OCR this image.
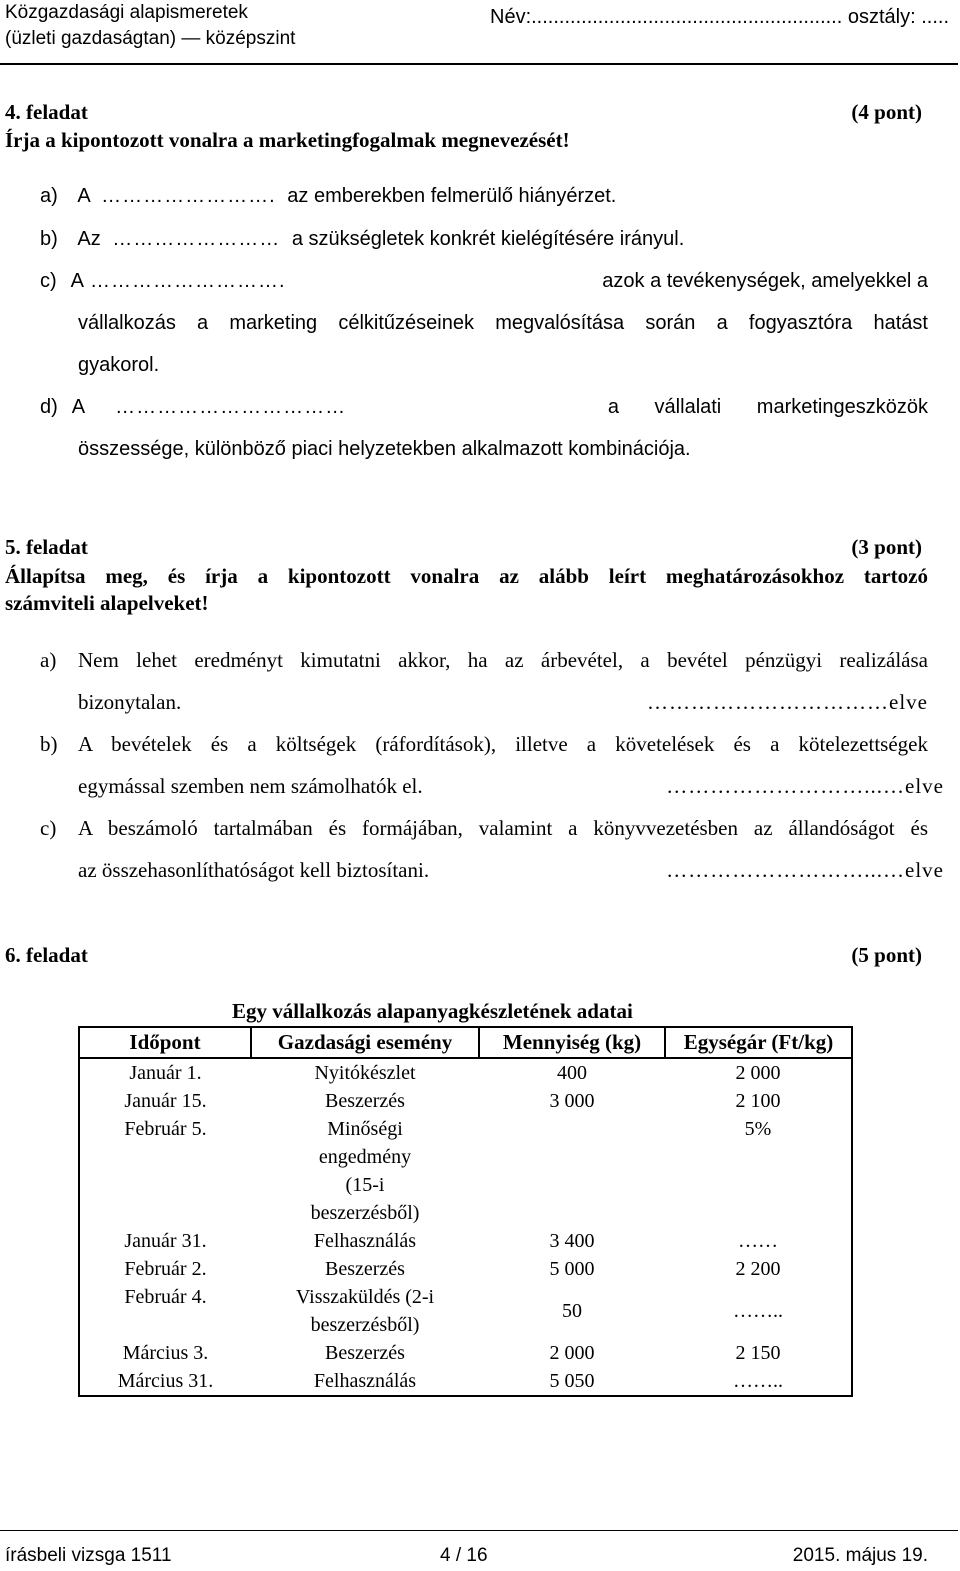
Közgazdasági alapismeretek
(üzleti gazdaságtan) — középszint
Név:........................................................ osztály: .....
4. feladat	(4 pont)
Írja a kipontozott vonalra a marketingfogalmak megnevezését!
a) A ……………………. az emberekben felmerülő hiányérzet.
b) Az …………………… a szükségletek konkrét kielégítésére irányul.
c) A ……………………….	azok a tevékenységek, amelyekkel a
vállalkozás a marketing célkitűzéseinek megvalósítása során a fogyasztóra hatást
gyakorol.
d) A ……………………………	a vállalati marketingeszközök
összessége, különböző piaci helyzetekben alkalmazott kombinációja.
5. feladat	(3 pont)
Állapítsa meg, és írja a kipontozott vonalra az alább leírt meghatározásokhoz tartozó
számviteli alapelveket!
a) Nem lehet eredményt kimutatni akkor, ha az árbevétel, a bevétel pénzügyi realizálása
bizonytalan.	……………………………elve
b) A bevételek és a költségek (ráfordítások), illetve a követelések és a kötelezettségek
egymással szemben nem számolhatók el.	………………………...…elve
c) A beszámoló tartalmában és formájában, valamint a könyvvezetésben az állandóságot és
az összehasonlíthatóságot kell biztosítani.	………………………...…elve
6. feladat	(5 pont)
Egy vállalkozás alapanyagkészletének adatai
Időpont	Gazdasági esemény	Mennyiség (kg)	Egységár (Ft/kg)
Január 1.	Nyitókészlet	400	2 000
Január 15.	Beszerzés	3 000	2 100
Február 5.	Minőségi engedmény (15-i beszerzésből)		5%
Január 31.	Felhasználás	3 400	……
Február 2.	Beszerzés	5 000	2 200
Február 4.	Visszaküldés (2-i beszerzésből)	50	……..
Március 3.	Beszerzés	2 000	2 150
Március 31.	Felhasználás	5 050	……..
írásbeli vizsga 1511	4 / 16	2015. május 19.
